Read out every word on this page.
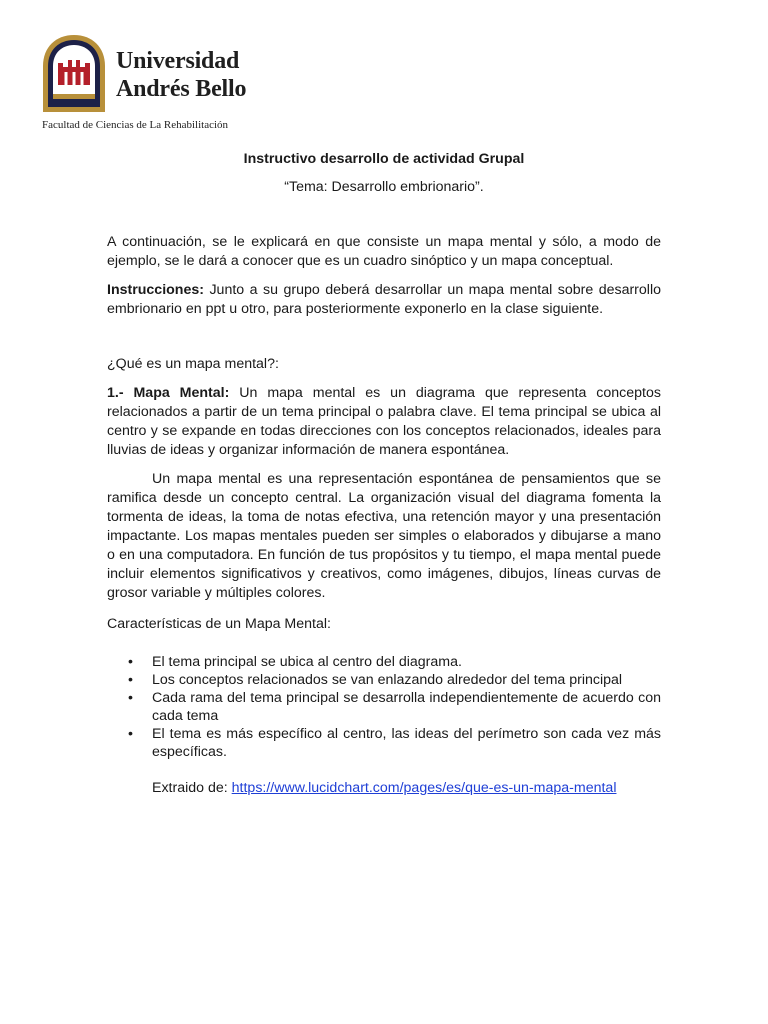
Universidad
Andrés Bello
Facultad de Ciencias de La Rehabilitación

Instructivo desarrollo de actividad Grupal

“Tema: Desarrollo embrionario”.

A continuación, se le explicará en que consiste un mapa mental y sólo, a modo de ejemplo, se le dará a conocer que es un cuadro sinóptico y un mapa conceptual.

Instrucciones: Junto a su grupo deberá desarrollar un mapa mental sobre desarrollo embrionario en ppt u otro, para posteriormente exponerlo en la clase siguiente.

¿Qué es un mapa mental?:

1.- Mapa Mental: Un mapa mental es un diagrama que representa conceptos relacionados a partir de un tema principal o palabra clave. El tema principal se ubica al centro y se expande en todas direcciones con los conceptos relacionados, ideales para lluvias de ideas y organizar información de manera espontánea.

Un mapa mental es una representación espontánea de pensamientos que se ramifica desde un concepto central. La organización visual del diagrama fomenta la tormenta de ideas, la toma de notas efectiva, una retención mayor y una presentación impactante. Los mapas mentales pueden ser simples o elaborados y dibujarse a mano o en una computadora. En función de tus propósitos y tu tiempo, el mapa mental puede incluir elementos significativos y creativos, como imágenes, dibujos, líneas curvas de grosor variable y múltiples colores.

Características de un Mapa Mental:

• El tema principal se ubica al centro del diagrama.
• Los conceptos relacionados se van enlazando alrededor del tema principal
• Cada rama del tema principal se desarrolla independientemente de acuerdo con cada tema
• El tema es más específico al centro, las ideas del perímetro son cada vez más específicas.

Extraido de: https://www.lucidchart.com/pages/es/que-es-un-mapa-mental
